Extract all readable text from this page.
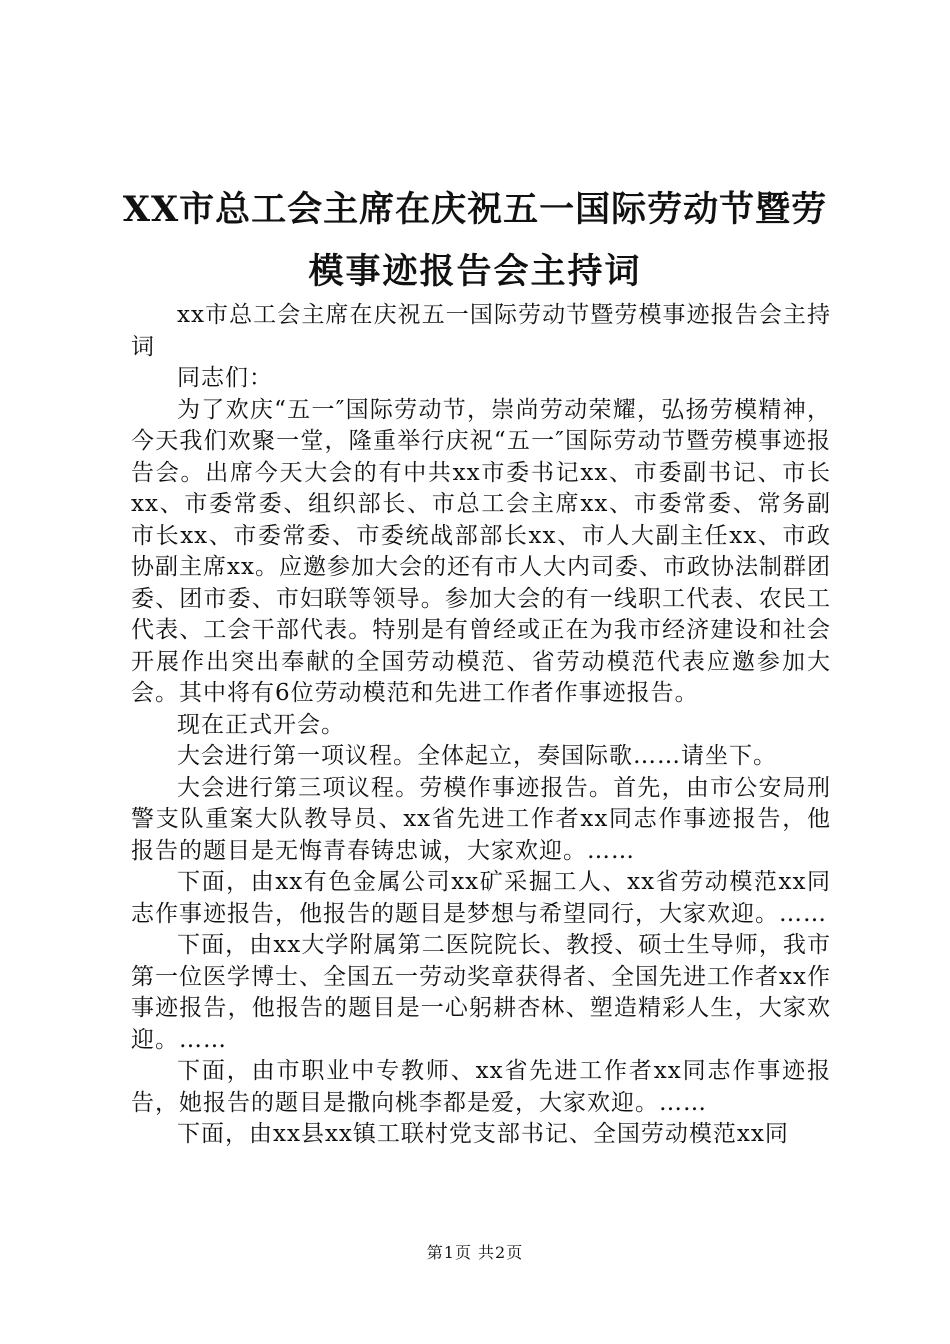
XX市总工会主席在庆祝五一国际劳动节暨劳
模事迹报告会主持词

xx市总工会主席在庆祝五一国际劳动节暨劳模事迹报告会主持词

同志们：

为了欢庆“五一″国际劳动节，崇尚劳动荣耀，弘扬劳模精神，今天我们欢聚一堂，隆重举行庆祝“五一″国际劳动节暨劳模事迹报告会。出席今天大会的有中共xx市委书记xx、市委副书记、市长xx、市委常委、组织部长、市总工会主席xx、市委常委、常务副市长xx、市委常委、市委统战部部长xx、市人大副主任xx、市政协副主席xx。应邀参加大会的还有市人大内司委、市政协法制群团委、团市委、市妇联等领导。参加大会的有一线职工代表、农民工代表、工会干部代表。特别是有曾经或正在为我市经济建设和社会开展作出突出奉献的全国劳动模范、省劳动模范代表应邀参加大会。其中将有6位劳动模范和先进工作者作事迹报告。

现在正式开会。

大会进行第一项议程。全体起立，奏国际歌……请坐下。

大会进行第三项议程。劳模作事迹报告。首先，由市公安局刑警支队重案大队教导员、xx省先进工作者xx同志作事迹报告，他报告的题目是无悔青春铸忠诚，大家欢迎。……

下面，由xx有色金属公司xx矿采掘工人、xx省劳动模范xx同志作事迹报告，他报告的题目是梦想与希望同行，大家欢迎。……

下面，由xx大学附属第二医院院长、教授、硕士生导师，我市第一位医学博士、全国五一劳动奖章获得者、全国先进工作者xx作事迹报告，他报告的题目是一心躬耕杏林、塑造精彩人生，大家欢迎。……

下面，由市职业中专教师、xx省先进工作者xx同志作事迹报告，她报告的题目是撒向桃李都是爱，大家欢迎。……

下面，由xx县xx镇工联村党支部书记、全国劳动模范xx同

第1页 共2页
